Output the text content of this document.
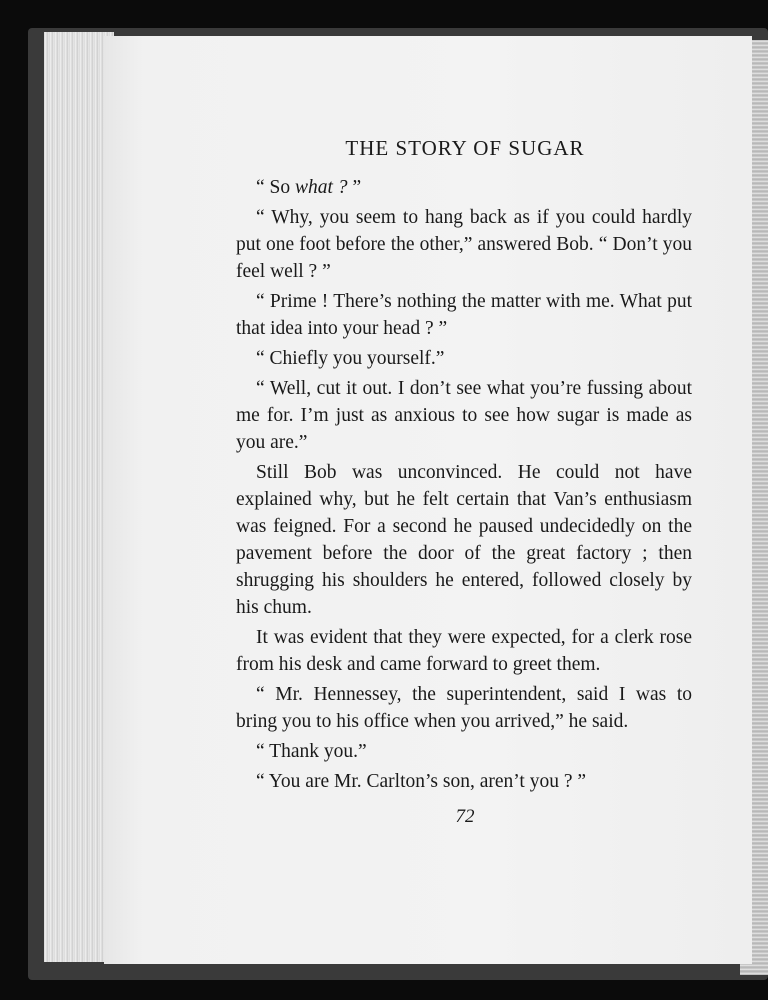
THE STORY OF SUGAR

“ So what ? ”

“ Why, you seem to hang back as if you could hardly put one foot before the other,” answered Bob. “ Don’t you feel well ? ”

“ Prime ! There’s nothing the matter with me. What put that idea into your head ? ”

“ Chiefly you yourself.”

“ Well, cut it out. I don’t see what you’re fussing about me for. I’m just as anxious to see how sugar is made as you are.”

Still Bob was unconvinced. He could not have explained why, but he felt certain that Van’s enthusiasm was feigned. For a second he paused undecidedly on the pavement before the door of the great factory ; then shrugging his shoulders he entered, followed closely by his chum.

It was evident that they were expected, for a clerk rose from his desk and came forward to greet them.

“ Mr. Hennessey, the superintendent, said I was to bring you to his office when you arrived,” he said.

“ Thank you.”

“ You are Mr. Carlton’s son, aren’t you ? ”

72
